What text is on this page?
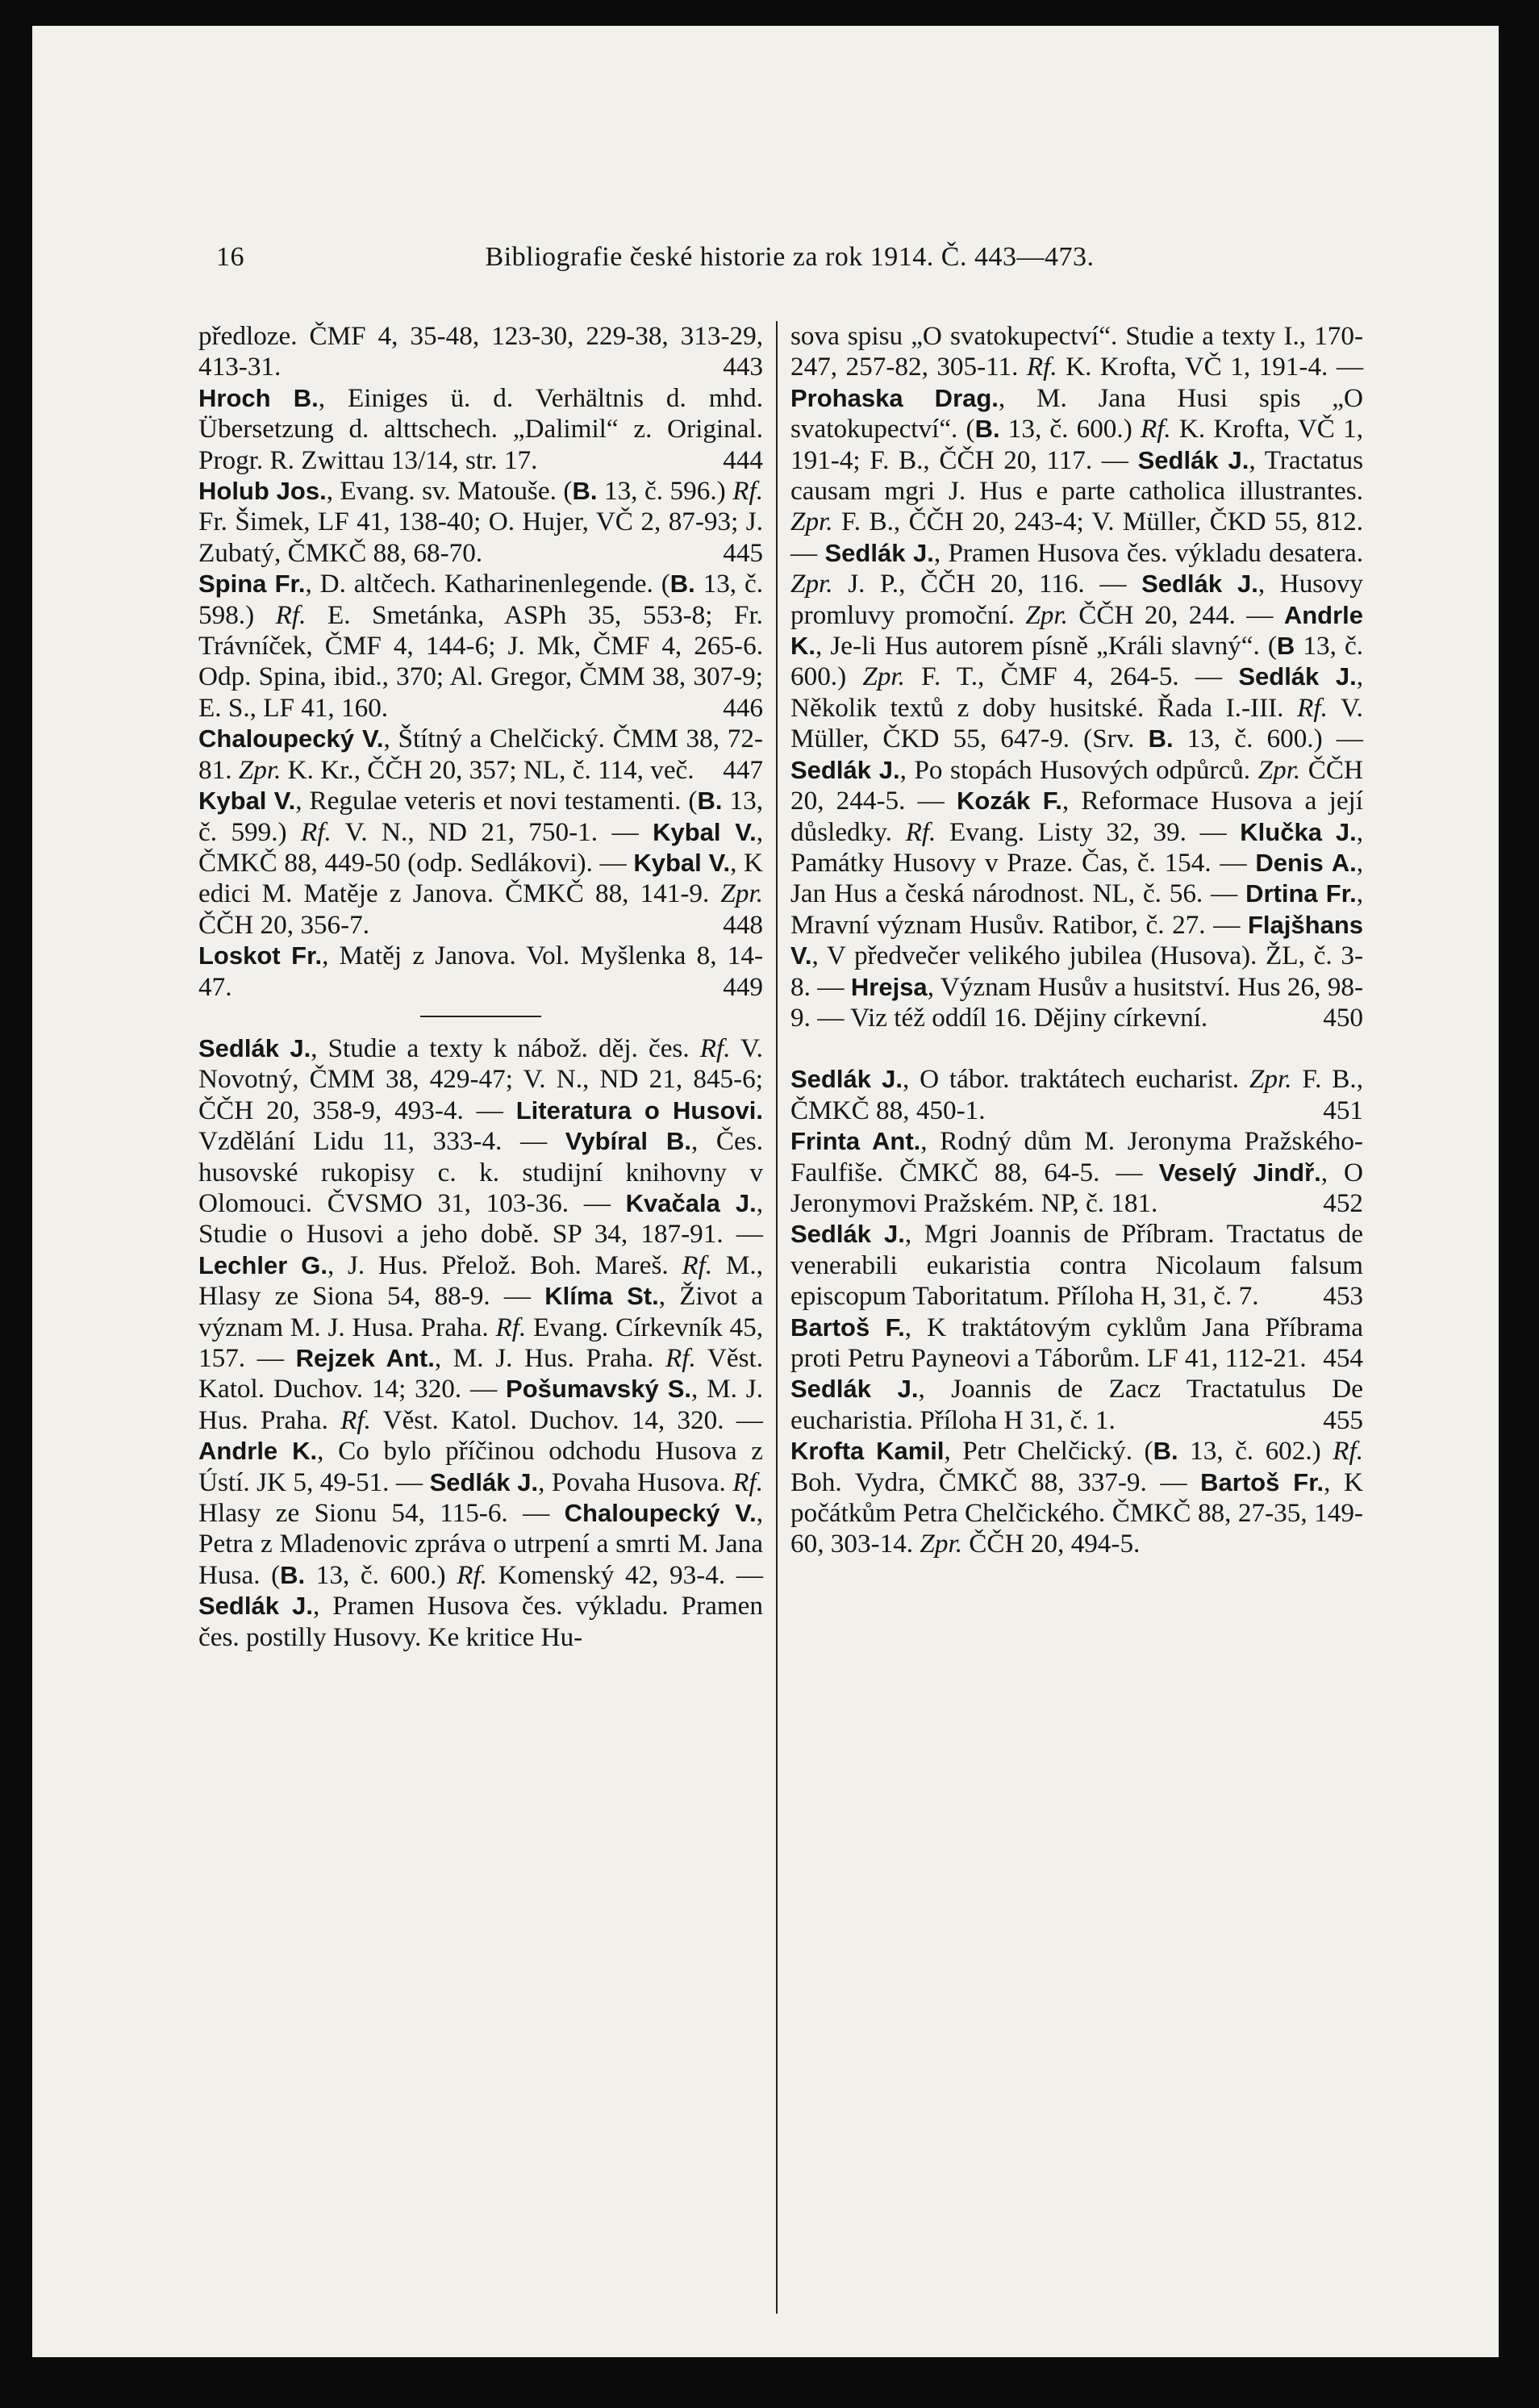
16	Bibliografie české historie za rok 1914. Č. 443—473.
předloze. ČMF 4, 35-48, 123-30, 229-38, 313-29, 413-31.	443
Hroch B., Einiges ü. d. Verhältnis d. mhd. Übersetzung d. alttschech. „Dalimil“ z. Original. Progr. R. Zwittau 13/14, str. 17.	444
Holub Jos., Evang. sv. Matouše. (B. 13, č. 596.) Rf. Fr. Šimek, LF 41, 138-40; O. Hujer, VČ 2, 87-93; J. Zubatý, ČMKČ 88, 68-70.	445
Spina Fr., D. altčech. Katharinenlegende. (B. 13, č. 598.) Rf. E. Smetánka, ASPh 35, 553-8; Fr. Trávníček, ČMF 4, 144-6; J. Mk, ČMF 4, 265-6. Odp. Spina, ibid., 370; Al. Gregor, ČMM 38, 307-9; E. S., LF 41, 160.	446
Chaloupecký V., Štítný a Chelčický. ČMM 38, 72-81. Zpr. K. Kr., ČČH 20, 357; NL, č. 114, več. 447
Kybal V., Regulae veteris et novi testamenti. (B. 13, č. 599.) Rf. V. N., ND 21, 750-1. — Kybal V., ČMKČ 88, 449-50 (odp. Sedlákovi). — Kybal V., K edici M. Matěje z Janova. ČMKČ 88, 141-9. Zpr. ČČH 20, 356-7.	448
Loskot Fr., Matěj z Janova. Vol. Myšlenka 8, 14-47.	449
Sedlák J., Studie a texty k nábož. děj. čes. Rf. V. Novotný, ČMM 38, 429-47; V. N., ND 21, 845-6; ČČH 20, 358-9, 493-4. — Literatura o Husovi. Vzdělání Lidu 11, 333-4. — Vybíral B., Čes. husovské rukopisy c. k. studijní knihovny v Olomouci. ČVSMO 31, 103-36. — Kvačala J., Studie o Husovi a jeho době. SP 34, 187-91. — Lechler G., J. Hus. Přelož. Boh. Mareš. Rf. M., Hlasy ze Siona 54, 88-9. — Klíma St., Život a význam M. J. Husa. Praha. Rf. Evang. Církevník 45, 157. — Rejzek Ant., M. J. Hus. Praha. Rf. Věst. Katol. Duchov. 14; 320. — Pošumavský S., M. J. Hus. Praha. Rf. Věst. Katol. Duchov. 14, 320. — Andrle K., Co bylo příčinou odchodu Husova z Ústí. JK 5, 49-51. — Sedlák J., Povaha Husova. Rf. Hlasy ze Sionu 54, 115-6. — Chaloupecký V., Petra z Mladenovic zpráva o utrpení a smrti M. Jana Husa. (B. 13, č. 600.) Rf. Komenský 42, 93-4. — Sedlák J., Pramen Husova čes. výkladu. Pramen čes. postilly Husovy. Ke kritice Hu-
sova spisu „O svatokupectví“. Studie a texty I., 170-247, 257-82, 305-11. Rf. K. Krofta, VČ 1, 191-4. — Prohaska Drag., M. Jana Husi spis „O svatokupectví“. (B. 13, č. 600.) Rf. K. Krofta, VČ 1, 191-4; F. B., ČČH 20, 117. — Sedlák J., Tractatus causam mgri J. Hus e parte catholica illustrantes. Zpr. F. B., ČČH 20, 243-4; V. Müller, ČKD 55, 812. — Sedlák J., Pramen Husova čes. výkladu desatera. Zpr. J. P., ČČH 20, 116. — Sedlák J., Husovy promluvy promoční. Zpr. ČČH 20, 244. — Andrle K., Je-li Hus autorem písně „Králi slavný“. (B 13, č. 600.) Zpr. F. T., ČMF 4, 264-5. — Sedlák J., Několik textů z doby husitské. Řada I.-III. Rf. V. Müller, ČKD 55, 647-9. (Srv. B. 13, č. 600.) — Sedlák J., Po stopách Husových odpůrců. Zpr. ČČH 20, 244-5. — Kozák F., Reformace Husova a její důsledky. Rf. Evang. Listy 32, 39. — Klučka J., Památky Husovy v Praze. Čas, č. 154. — Denis A., Jan Hus a česká národnost. NL, č. 56. — Drtina Fr., Mravní význam Husův. Ratibor, č. 27. — Flajšhans V., V předvečer velikého jubilea (Husova). ŽL, č. 3-8. — Hrejsa, Význam Husův a husitství. Hus 26, 98-9. — Viz též oddíl 16. Dějiny církevní.	450
Sedlák J., O tábor. traktátech eucharist. Zpr. F. B., ČMKČ 88, 450-1.	451
Frinta Ant., Rodný dům M. Jeronyma Pražského-Faulfiše. ČMKČ 88, 64-5. — Veselý Jindř., O Jeronymovi Pražském. NP, č. 181.	452
Sedlák J., Mgri Joannis de Příbram. Tractatus de venerabili eukaristia contra Nicolaum falsum episcopum Taboritatum. Příloha H, 31, č. 7. 453
Bartoš F., K traktátovým cyklům Jana Příbrama proti Petru Payneovi a Táborům. LF 41, 112-21. 454
Sedlák J., Joannis de Zacz Tractatulus De eucharistia. Příloha H 31, č. 1.	455
Krofta Kamil, Petr Chelčický. (B. 13, č. 602.) Rf. Boh. Vydra, ČMKČ 88, 337-9. — Bartoš Fr., K počátkům Petra Chelčického. ČMKČ 88, 27-35, 149-60, 303-14. Zpr. ČČH 20, 494-5.
